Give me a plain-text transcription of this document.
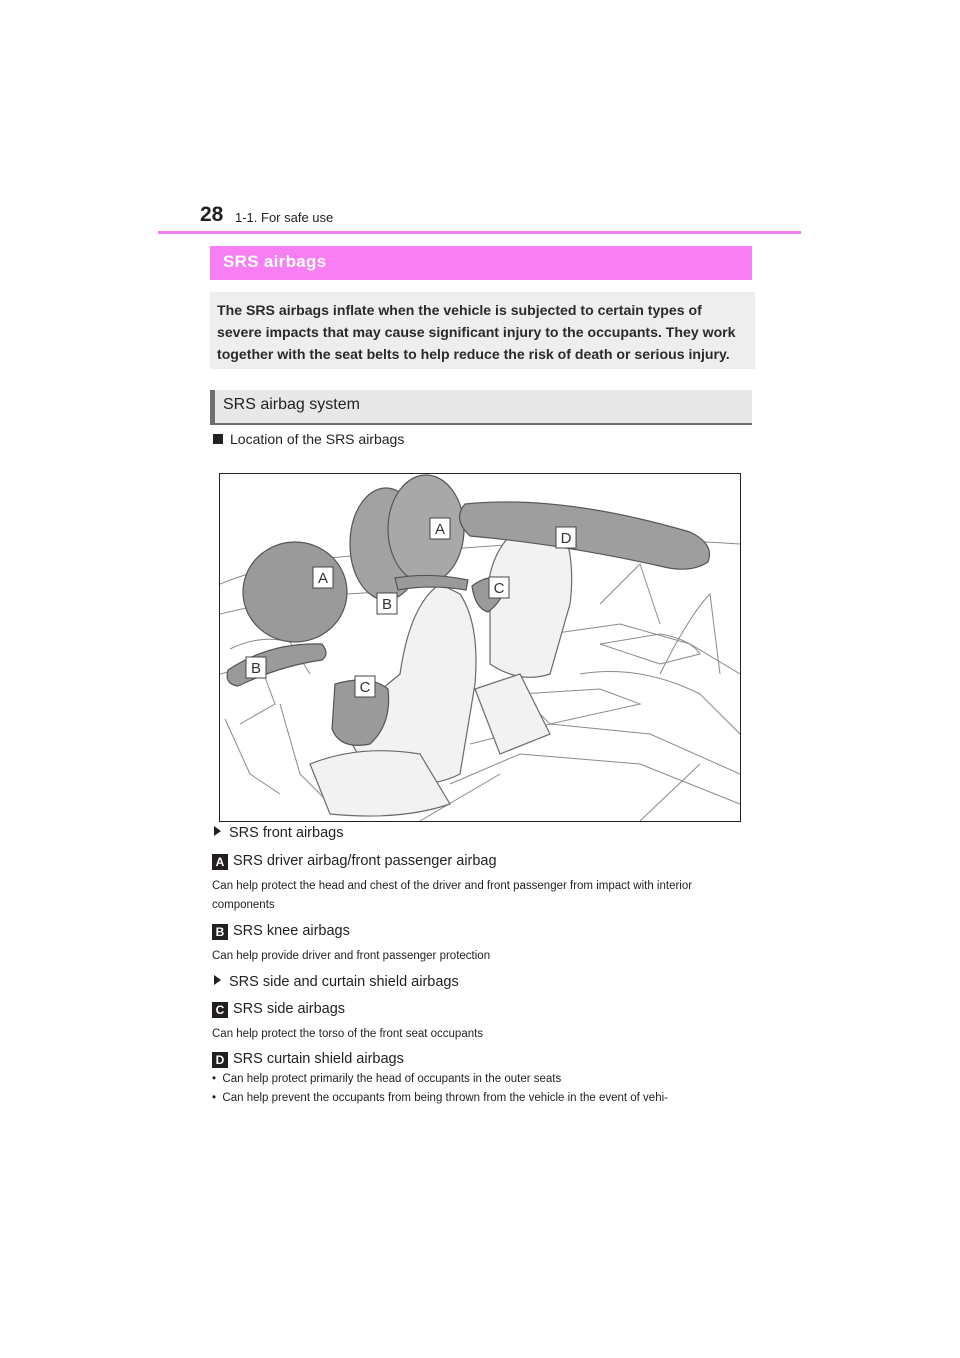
28 1-1. For safe use
SRS airbags
The SRS airbags inflate when the vehicle is subjected to certain types of severe impacts that may cause significant injury to the occupants. They work together with the seat belts to help reduce the risk of death or serious injury.
SRS airbag system
Location of the SRS airbags
A
A
B
B
C
C
D
SRS front airbags
A SRS driver airbag/front passenger airbag
Can help protect the head and chest of the driver and front passenger from impact with interior components
B SRS knee airbags
Can help provide driver and front passenger protection
SRS side and curtain shield airbags
C SRS side airbags
Can help protect the torso of the front seat occupants
D SRS curtain shield airbags
•  Can help protect primarily the head of occupants in the outer seats
•  Can help prevent the occupants from being thrown from the vehicle in the event of vehi-
